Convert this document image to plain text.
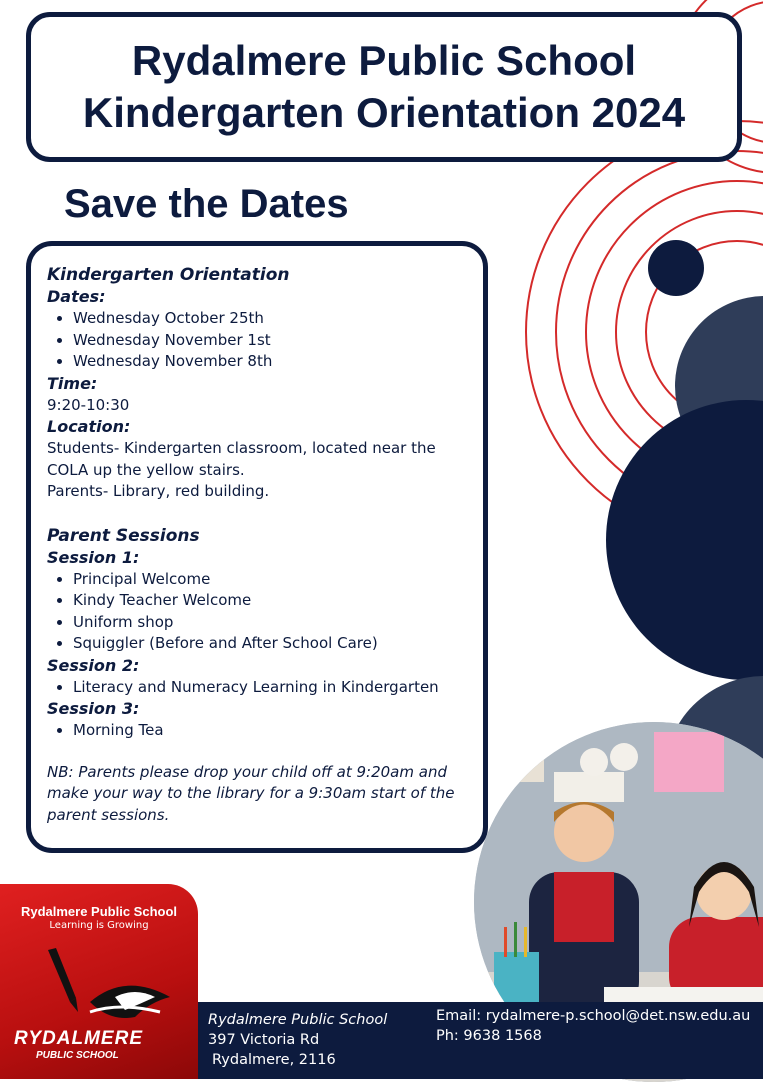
Rydalmere Public School
Kindergarten Orientation 2024
Save the Dates
Kindergarten Orientation
Dates:
• Wednesday October 25th
• Wednesday November 1st
• Wednesday November 8th
Time:

9:20-10:30

Location:

Students- Kindergarten classroom, located near the COLA up the yellow stairs.

Parents- Library, red building.

Parent Sessions
Session 1:
• Principal Welcome
• Kindy Teacher Welcome
• Uniform shop
• Squiggler (Before and After School Care)
Session 2:
• Literacy and Numeracy Learning in Kindergarten
Session 3:
• Morning Tea

NB: Parents please drop your child off at 9:20am and make your way to the library for a 9:30am start of the parent sessions.

Rydalmere Public School
Learning is Growing
RYDALMERE
PUBLIC SCHOOL
Rydalmere Public School
397 Victoria Rd
Rydalmere, 2116
Email: rydalmere-p.school@det.nsw.edu.au
Ph: 9638 1568
